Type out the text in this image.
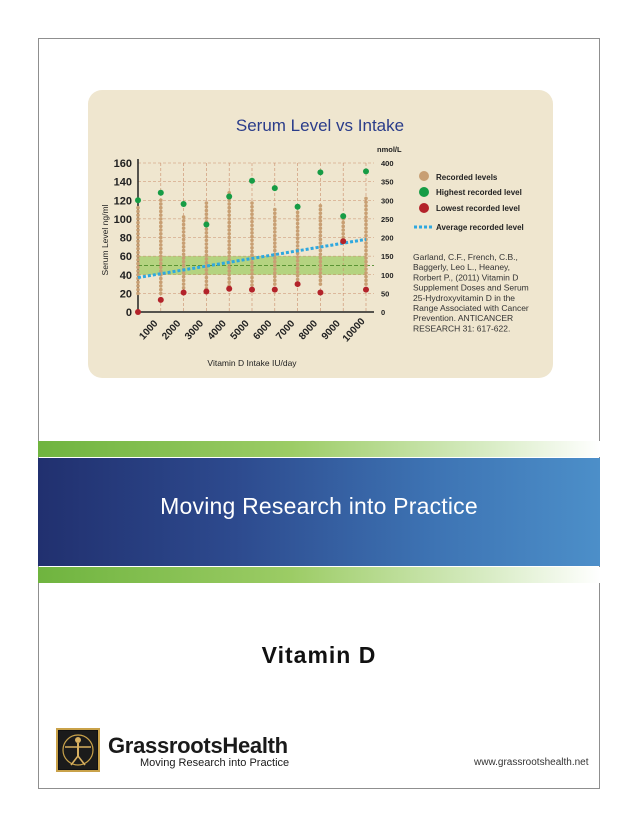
Serum Level vs Intake
0
20
40
60
80
100
120
140
160
0
50
100
150
200
250
300
350
400
nmol/L
1000 2000 3000 4000 5000 6000 7000 8000 9000
10000
Vitamin D Intake IU/day
Serum Level ng/ml
Recorded levels
Highest recorded level
Lowest recorded level
Average recorded level
Garland, C.F., French, C.B.,
Baggerly, Leo L., Heaney,
Rorbert P., (2011) Vitamin D
Supplement Doses and Serum
25-Hydroxyvitamin D in the
Range Associated with Cancer
Prevention. ANTICANCER
RESEARCH 31: 617-622.
Moving Research into Practice
Vitamin D
GrassrootsHealth
Moving Research into Practice	www.grassrootshealth.net
